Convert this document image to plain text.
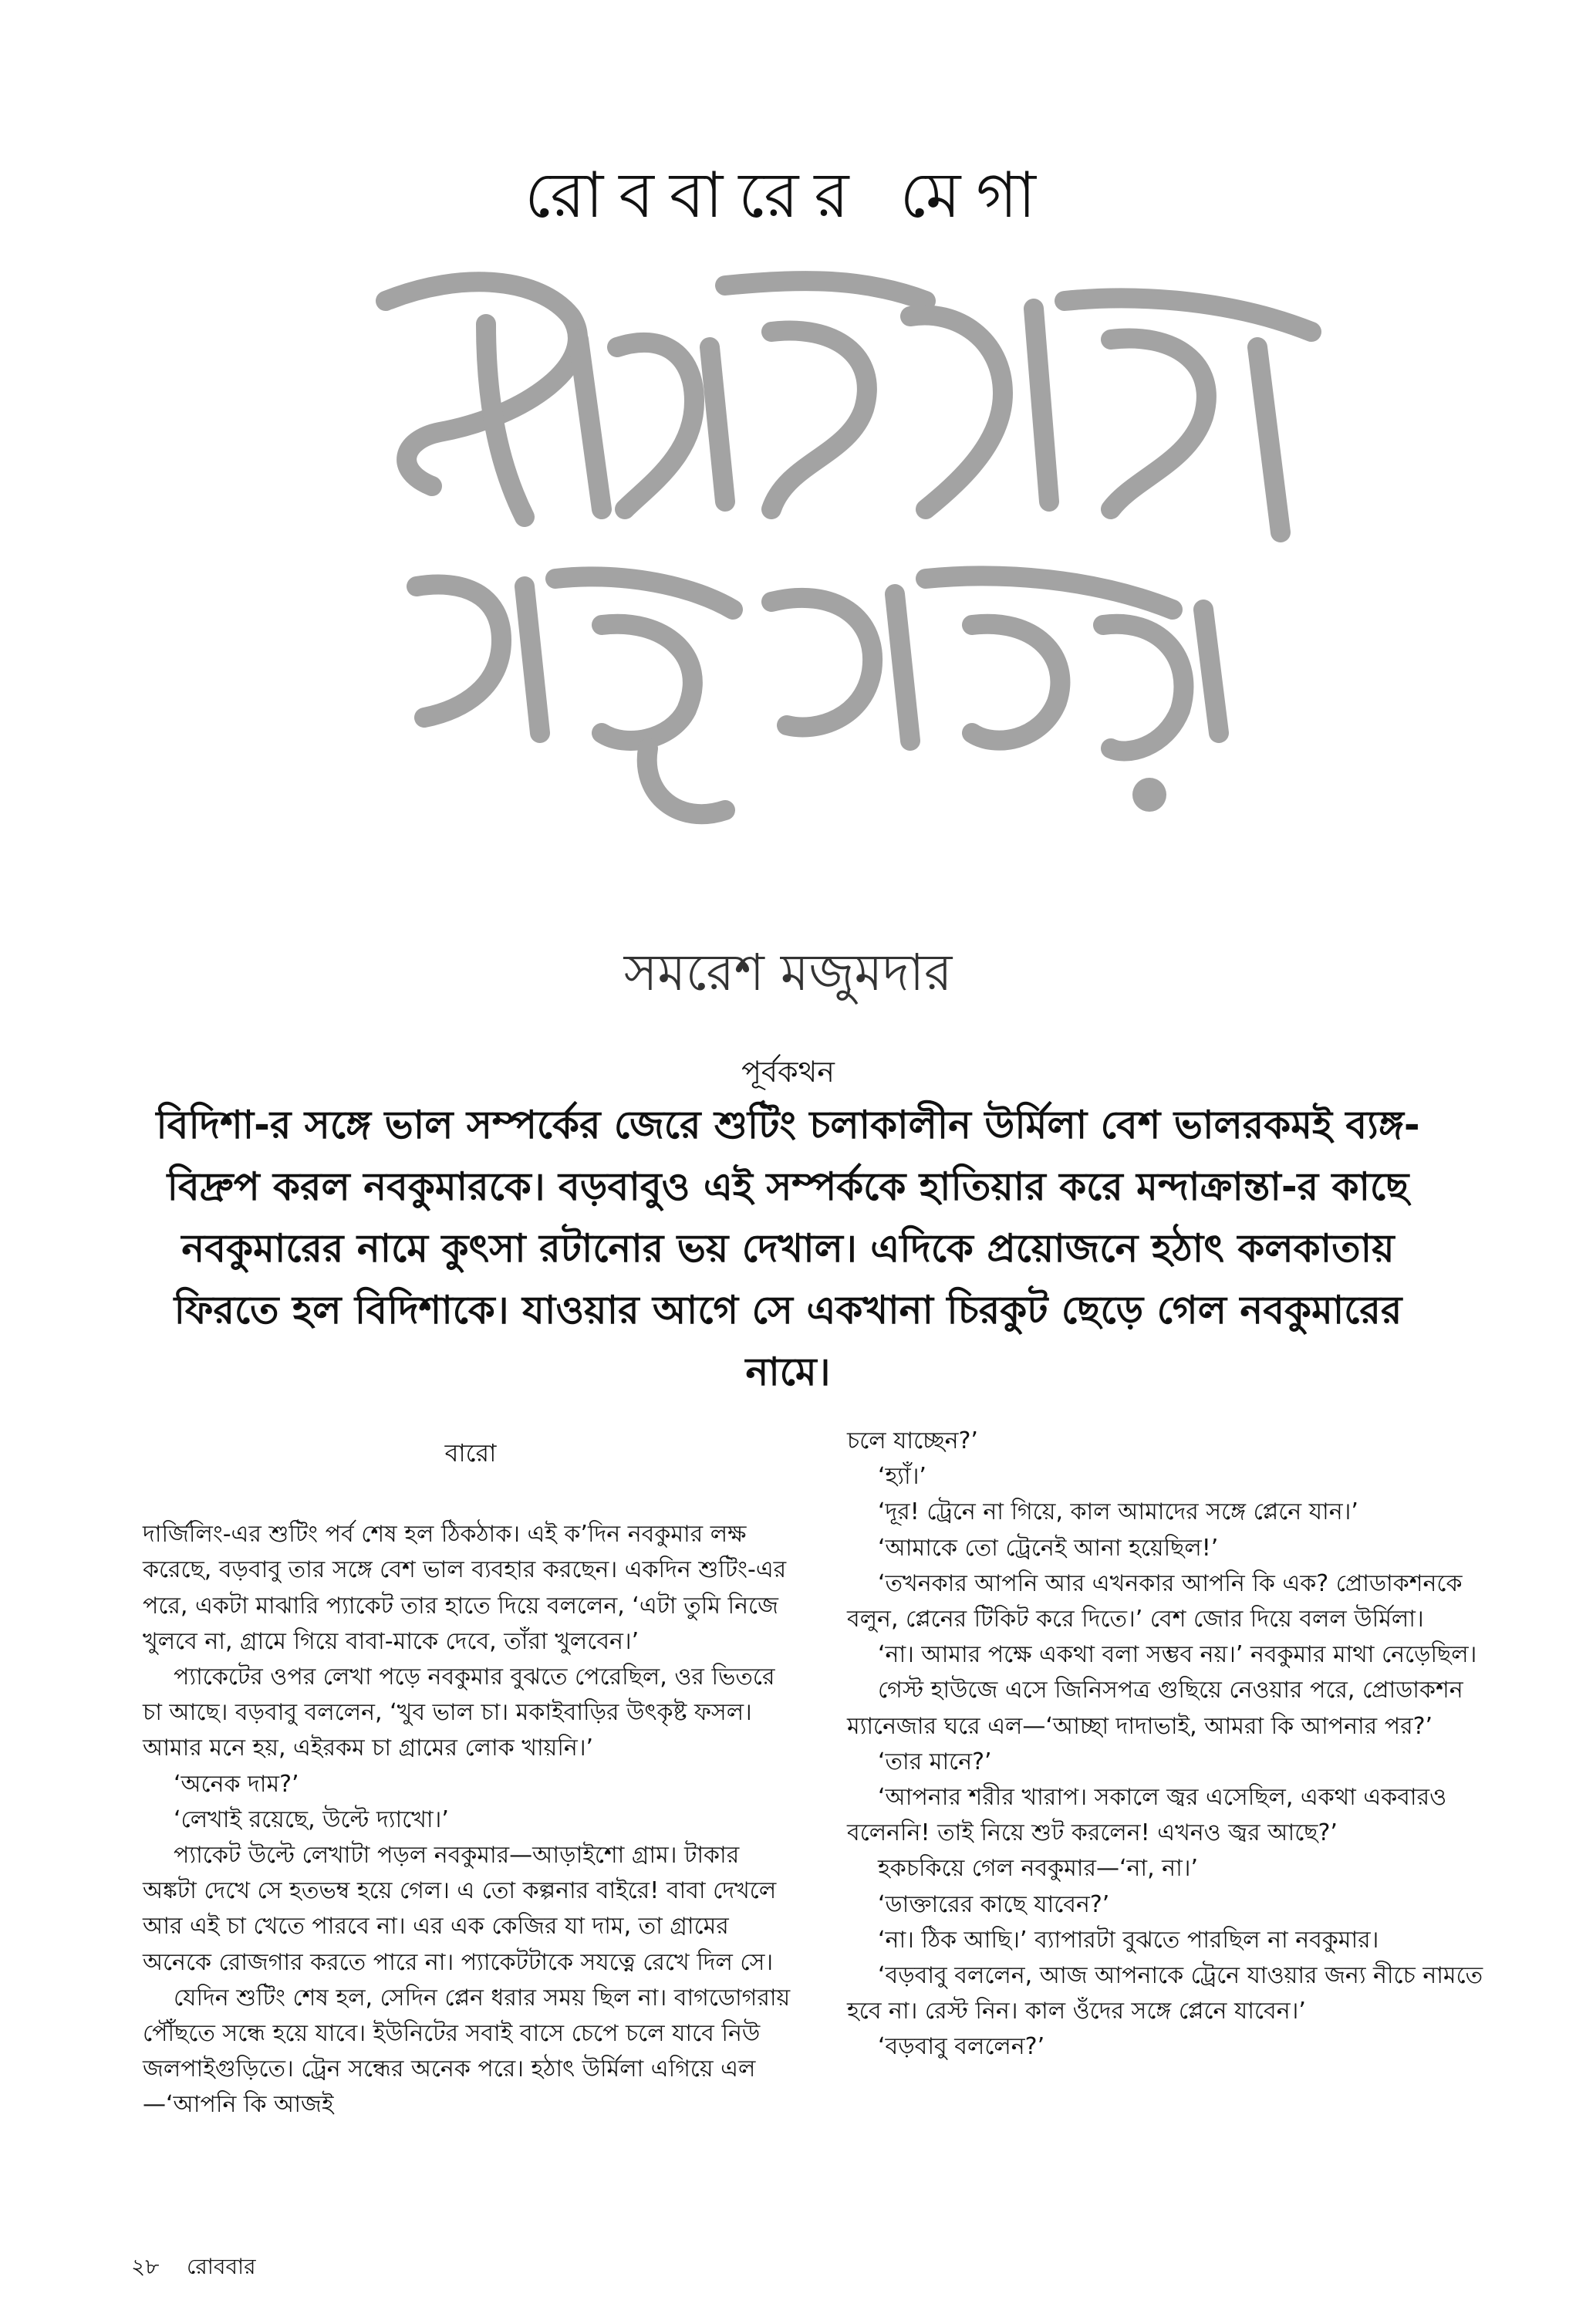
রোববারের মেগা
সমরেশ মজুমদার
পূর্বকথন

বিদিশা-র সঙ্গে ভাল সম্পর্কের জেরে শুটিং চলাকালীন উর্মিলা বেশ ভালরকমই ব্যঙ্গ-বিদ্রুপ করল নবকুমারকে। বড়বাবুও এই সম্পর্ককে হাতিয়ার করে মন্দাক্রান্তা-র কাছে নবকুমারের নামে কুৎসা রটানোর ভয় দেখাল। এদিকে প্রয়োজনে হঠাৎ কলকাতায় ফিরতে হল বিদিশাকে। যাওয়ার আগে সে একখানা চিরকুট ছেড়ে গেল নবকুমারের নামে।

বারো

দার্জিলিং-এর শুটিং পর্ব শেষ হল ঠিকঠাক। এই ক’দিন নবকুমার লক্ষ করেছে, বড়বাবু তার সঙ্গে বেশ ভাল ব্যবহার করছেন। একদিন শুটিং-এর পরে, একটা মাঝারি প্যাকেট তার হাতে দিয়ে বললেন, ‘এটা তুমি নিজে খুলবে না, গ্রামে গিয়ে বাবা-মাকে দেবে, তাঁরা খুলবেন।’

প্যাকেটের ওপর লেখা পড়ে নবকুমার বুঝতে পেরেছিল, ওর ভিতরে চা আছে। বড়বাবু বললেন, ‘খুব ভাল চা। মকাইবাড়ির উৎকৃষ্ট ফসল। আমার মনে হয়, এইরকম চা গ্রামের লোক খায়নি।’

‘অনেক দাম?’

‘লেখাই রয়েছে, উল্টে দ্যাখো।’

প্যাকেট উল্টে লেখাটা পড়ল নবকুমার—আড়াইশো গ্রাম। টাকার অঙ্কটা দেখে সে হতভম্ব হয়ে গেল। এ তো কল্পনার বাইরে! বাবা দেখলে আর এই চা খেতে পারবে না। এর এক কেজির যা দাম, তা গ্রামের অনেকে রোজগার করতে পারে না। প্যাকেটটাকে সযত্নে রেখে দিল সে।

যেদিন শুটিং শেষ হল, সেদিন প্লেন ধরার সময় ছিল না। বাগডোগরায় পৌঁছতে সন্ধে হয়ে যাবে। ইউনিটের সবাই বাসে চেপে চলে যাবে নিউ জলপাইগুড়িতে। ট্রেন সন্ধের অনেক পরে। হঠাৎ উর্মিলা এগিয়ে এল—‘আপনি কি আজই

চলে যাচ্ছেন?’

‘হ্যাঁ।’

‘দূর! ট্রেনে না গিয়ে, কাল আমাদের সঙ্গে প্লেনে যান।’

‘আমাকে তো ট্রেনেই আনা হয়েছিল!’

‘তখনকার আপনি আর এখনকার আপনি কি এক? প্রোডাকশনকে বলুন, প্লেনের টিকিট করে দিতে।’ বেশ জোর দিয়ে বলল উর্মিলা।

‘না। আমার পক্ষে একথা বলা সম্ভব নয়।’ নবকুমার মাথা নেড়েছিল।

গেস্ট হাউজে এসে জিনিসপত্র গুছিয়ে নেওয়ার পরে, প্রোডাকশন ম্যানেজার ঘরে এল—‘আচ্ছা দাদাভাই, আমরা কি আপনার পর?’

‘তার মানে?’

‘আপনার শরীর খারাপ। সকালে জ্বর এসেছিল, একথা একবারও বলেননি! তাই নিয়ে শুট করলেন! এখনও জ্বর আছে?’

হকচকিয়ে গেল নবকুমার—‘না, না।’

‘ডাক্তারের কাছে যাবেন?’

‘না। ঠিক আছি।’ ব্যাপারটা বুঝতে পারছিল না নবকুমার।

‘বড়বাবু বললেন, আজ আপনাকে ট্রেনে যাওয়ার জন্য নীচে নামতে হবে না। রেস্ট নিন। কাল ওঁদের সঙ্গে প্লেনে যাবেন।’

‘বড়বাবু বললেন?’

২৮ রোববার
